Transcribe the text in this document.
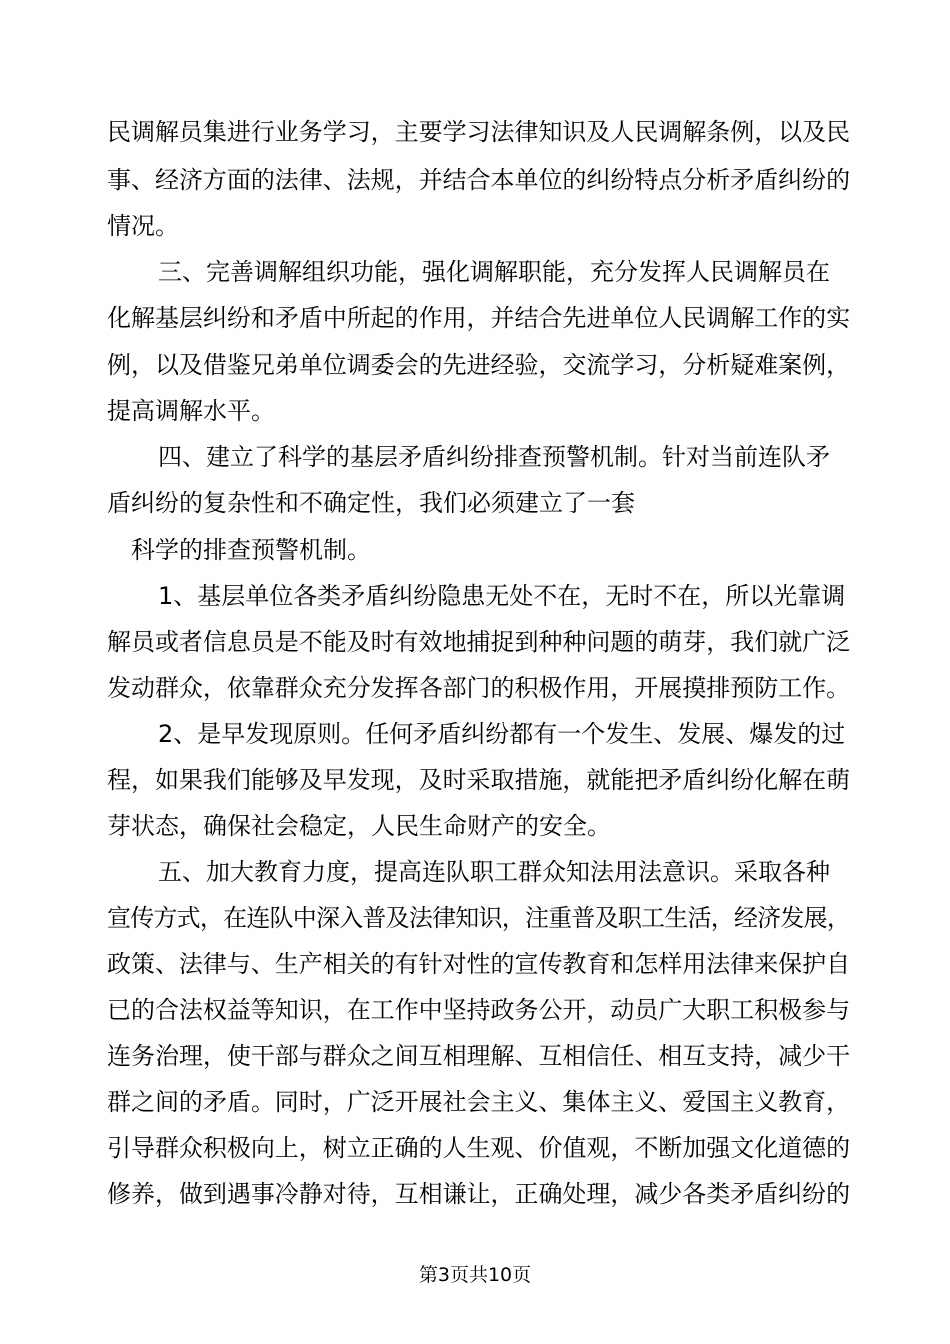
民调解员集进行业务学习，主要学习法律知识及人民调解条例，以及民
事、经济方面的法律、法规，并结合本单位的纠纷特点分析矛盾纠纷的
情况。
三、完善调解组织功能，强化调解职能，充分发挥人民调解员在
化解基层纠纷和矛盾中所起的作用，并结合先进单位人民调解工作的实
例，以及借鉴兄弟单位调委会的先进经验，交流学习，分析疑难案例，
提高调解水平。
四、建立了科学的基层矛盾纠纷排查预警机制。针对当前连队矛
盾纠纷的复杂性和不确定性，我们必须建立了一套
科学的排查预警机制。
1、基层单位各类矛盾纠纷隐患无处不在，无时不在，所以光靠调
解员或者信息员是不能及时有效地捕捉到种种问题的萌芽，我们就广泛
发动群众，依靠群众充分发挥各部门的积极作用，开展摸排预防工作。
2、是早发现原则。任何矛盾纠纷都有一个发生、发展、爆发的过
程，如果我们能够及早发现，及时采取措施，就能把矛盾纠纷化解在萌
芽状态，确保社会稳定，人民生命财产的安全。
五、加大教育力度，提高连队职工群众知法用法意识。采取各种
宣传方式，在连队中深入普及法律知识，注重普及职工生活，经济发展，
政策、法律与、生产相关的有针对性的宣传教育和怎样用法律来保护自
已的合法权益等知识，在工作中坚持政务公开，动员广大职工积极参与
连务治理，使干部与群众之间互相理解、互相信任、相互支持，减少干
群之间的矛盾。同时，广泛开展社会主义、集体主义、爱国主义教育，
引导群众积极向上，树立正确的人生观、价值观，不断加强文化道德的
修养，做到遇事冷静对待，互相谦让，正确处理，减少各类矛盾纠纷的
第3页共10页
